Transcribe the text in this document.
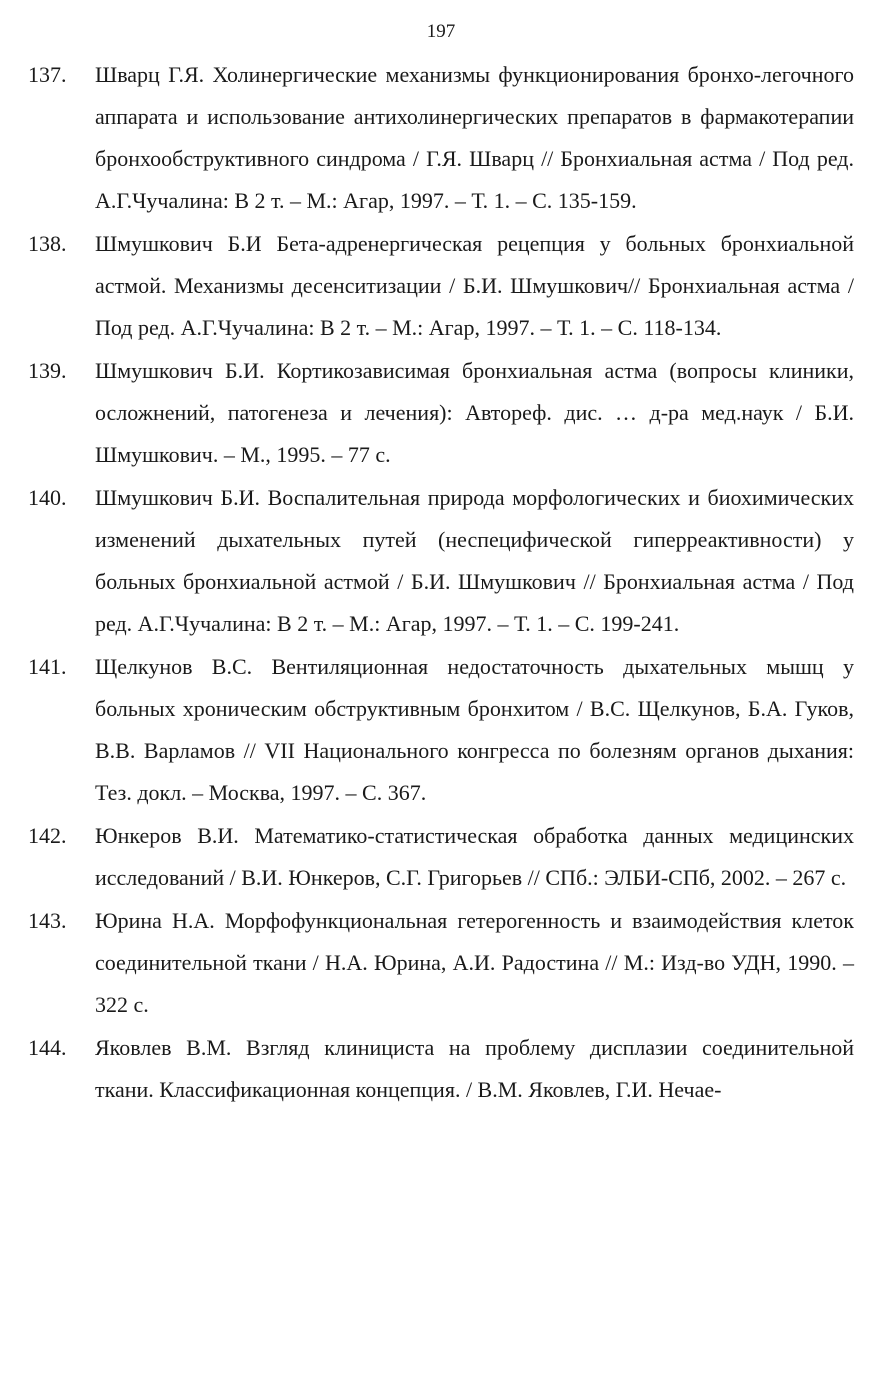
197
137. Шварц Г.Я. Холинергические механизмы функционирования бронхо-легочного аппарата и использование антихолинергических препаратов в фармакотерапии бронхообструктивного синдрома / Г.Я. Шварц // Бронхиальная астма / Под ред. А.Г.Чучалина: В 2 т. – М.: Агар, 1997. – Т. 1. – С. 135-159.
138. Шмушкович Б.И Бета-адренергическая рецепция у больных бронхиальной астмой. Механизмы десенситизации / Б.И. Шмушкович// Бронхиальная астма / Под ред. А.Г.Чучалина: В 2 т. – М.: Агар, 1997. – Т. 1. – С. 118-134.
139. Шмушкович Б.И. Кортикозависимая бронхиальная астма (вопросы клиники, осложнений, патогенеза и лечения): Автореф. дис. … д-ра мед.наук / Б.И. Шмушкович. – М., 1995. – 77 с.
140. Шмушкович Б.И. Воспалительная природа морфологических и биохимических изменений дыхательных путей (неспецифической гиперреактивности) у больных бронхиальной астмой / Б.И. Шмушкович // Бронхиальная астма / Под ред. А.Г.Чучалина: В 2 т. – М.: Агар, 1997. – Т. 1. – С. 199-241.
141. Щелкунов В.С. Вентиляционная недостаточность дыхательных мышц у больных хроническим обструктивным бронхитом / В.С. Щелкунов, Б.А. Гуков, В.В. Варламов // VII Национального конгресса по болезням органов дыхания: Тез. докл. – Москва, 1997. – С. 367.
142. Юнкеров В.И. Математико-статистическая обработка данных медицинских исследований / В.И. Юнкеров, С.Г. Григорьев // СПб.: ЭЛБИ-СПб, 2002. – 267 с.
143. Юрина Н.А. Морфофункциональная гетерогенность и взаимодействия клеток соединительной ткани / Н.А. Юрина, А.И. Радостина // М.: Изд-во УДН, 1990. – 322 с.
144. Яковлев В.М. Взгляд клинициста на проблему дисплазии соединительной ткани. Классификационная концепция. / В.М. Яковлев, Г.И. Нечае-
